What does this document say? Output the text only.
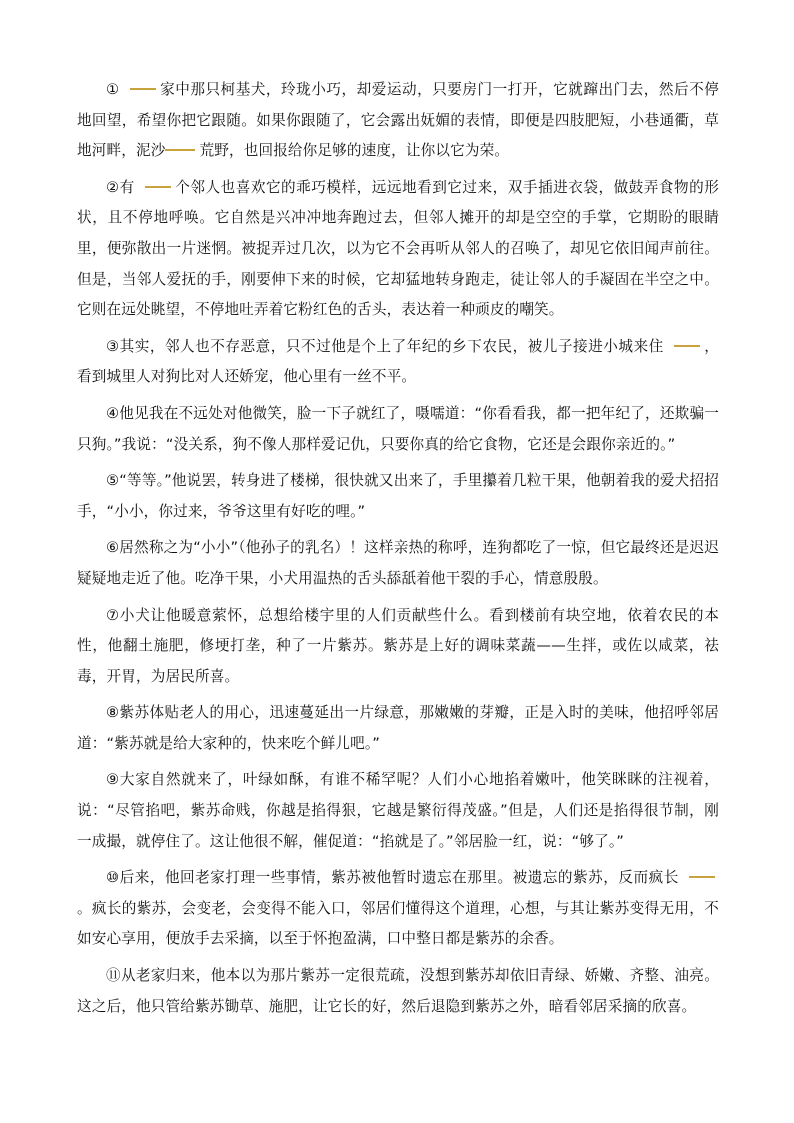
① 家中那只柯基犬，玲珑小巧，却爱运动，只要房门一打开，它就蹿出门去，然后不停地回望，希望你把它跟随。如果你跟随了，它会露出妩媚的表情，即便是四肢肥短，小巷通衢，草地河畔，泥沙 荒野，也回报给你足够的速度，让你以它为荣。

②有 个邻人也喜欢它的乖巧模样，远远地看到它过来，双手插进衣袋，做鼓弄食物的形状，且不停地呼唤。它自然是兴冲冲地奔跑过去，但邻人摊开的却是空空的手掌，它期盼的眼睛里，便弥散出一片迷惘。被捉弄过几次，以为它不会再听从邻人的召唤了，却见它依旧闻声前往。但是，当邻人爱抚的手，刚要伸下来的时候，它却猛地转身跑走，徒让邻人的手凝固在半空之中。它则在远处眺望，不停地吐弄着它粉红色的舌头，表达着一种顽皮的嘲笑。

③其实，邻人也不存恶意，只不过他是个上了年纪的乡下农民，被儿子接进小城来住 ，看到城里人对狗比对人还娇宠，他心里有一丝不平。

④他见我在不远处对他微笑，脸一下子就红了，嗫嚅道：“你看看我，都一把年纪了，还欺骗一只狗。”我说：“没关系，狗不像人那样爱记仇，只要你真的给它食物，它还是会跟你亲近的。”

⑤“等等。”他说罢，转身进了楼梯，很快就又出来了，手里攥着几粒干果，他朝着我的爱犬招招手，“小小，你过来，爷爷这里有好吃的哩。”

⑥居然称之为“小小”（他孙子的乳名）！这样亲热的称呼，连狗都吃了一惊，但它最终还是迟迟疑疑地走近了他。吃净干果，小犬用温热的舌头舔舐着他干裂的手心，情意殷殷。

⑦小犬让他暖意萦怀，总想给楼宇里的人们贡献些什么。看到楼前有块空地，依着农民的本性，他翻土施肥，修埂打垄，种了一片紫苏。紫苏是上好的调味菜蔬——生拌，或佐以咸菜，祛毒，开胃，为居民所喜。

⑧紫苏体贴老人的用心，迅速蔓延出一片绿意，那嫩嫩的芽瓣，正是入时的美味，他招呼邻居道：“紫苏就是给大家种的，快来吃个鲜儿吧。”

⑨大家自然就来了，叶绿如酥，有谁不稀罕呢？人们小心地掐着嫩叶，他笑眯眯的注视着，说：“尽管掐吧，紫苏命贱，你越是掐得狠，它越是繁衍得茂盛。”但是，人们还是掐得很节制，刚一成撮，就停住了。这让他很不解，催促道：“掐就是了。”邻居脸一红，说：“够了。”

⑩后来，他回老家打理一些事情，紫苏被他暂时遗忘在那里。被遗忘的紫苏，反而疯长 。疯长的紫苏，会变老，会变得不能入口，邻居们懂得这个道理，心想，与其让紫苏变得无用，不如安心享用，便放手去采摘，以至于怀抱盈满，口中整日都是紫苏的余香。

⑪从老家归来，他本以为那片紫苏一定很荒疏，没想到紫苏却依旧青绿、娇嫩、齐整、油亮。这之后，他只管给紫苏锄草、施肥，让它长的好，然后退隐到紫苏之外，暗看邻居采摘的欣喜。
